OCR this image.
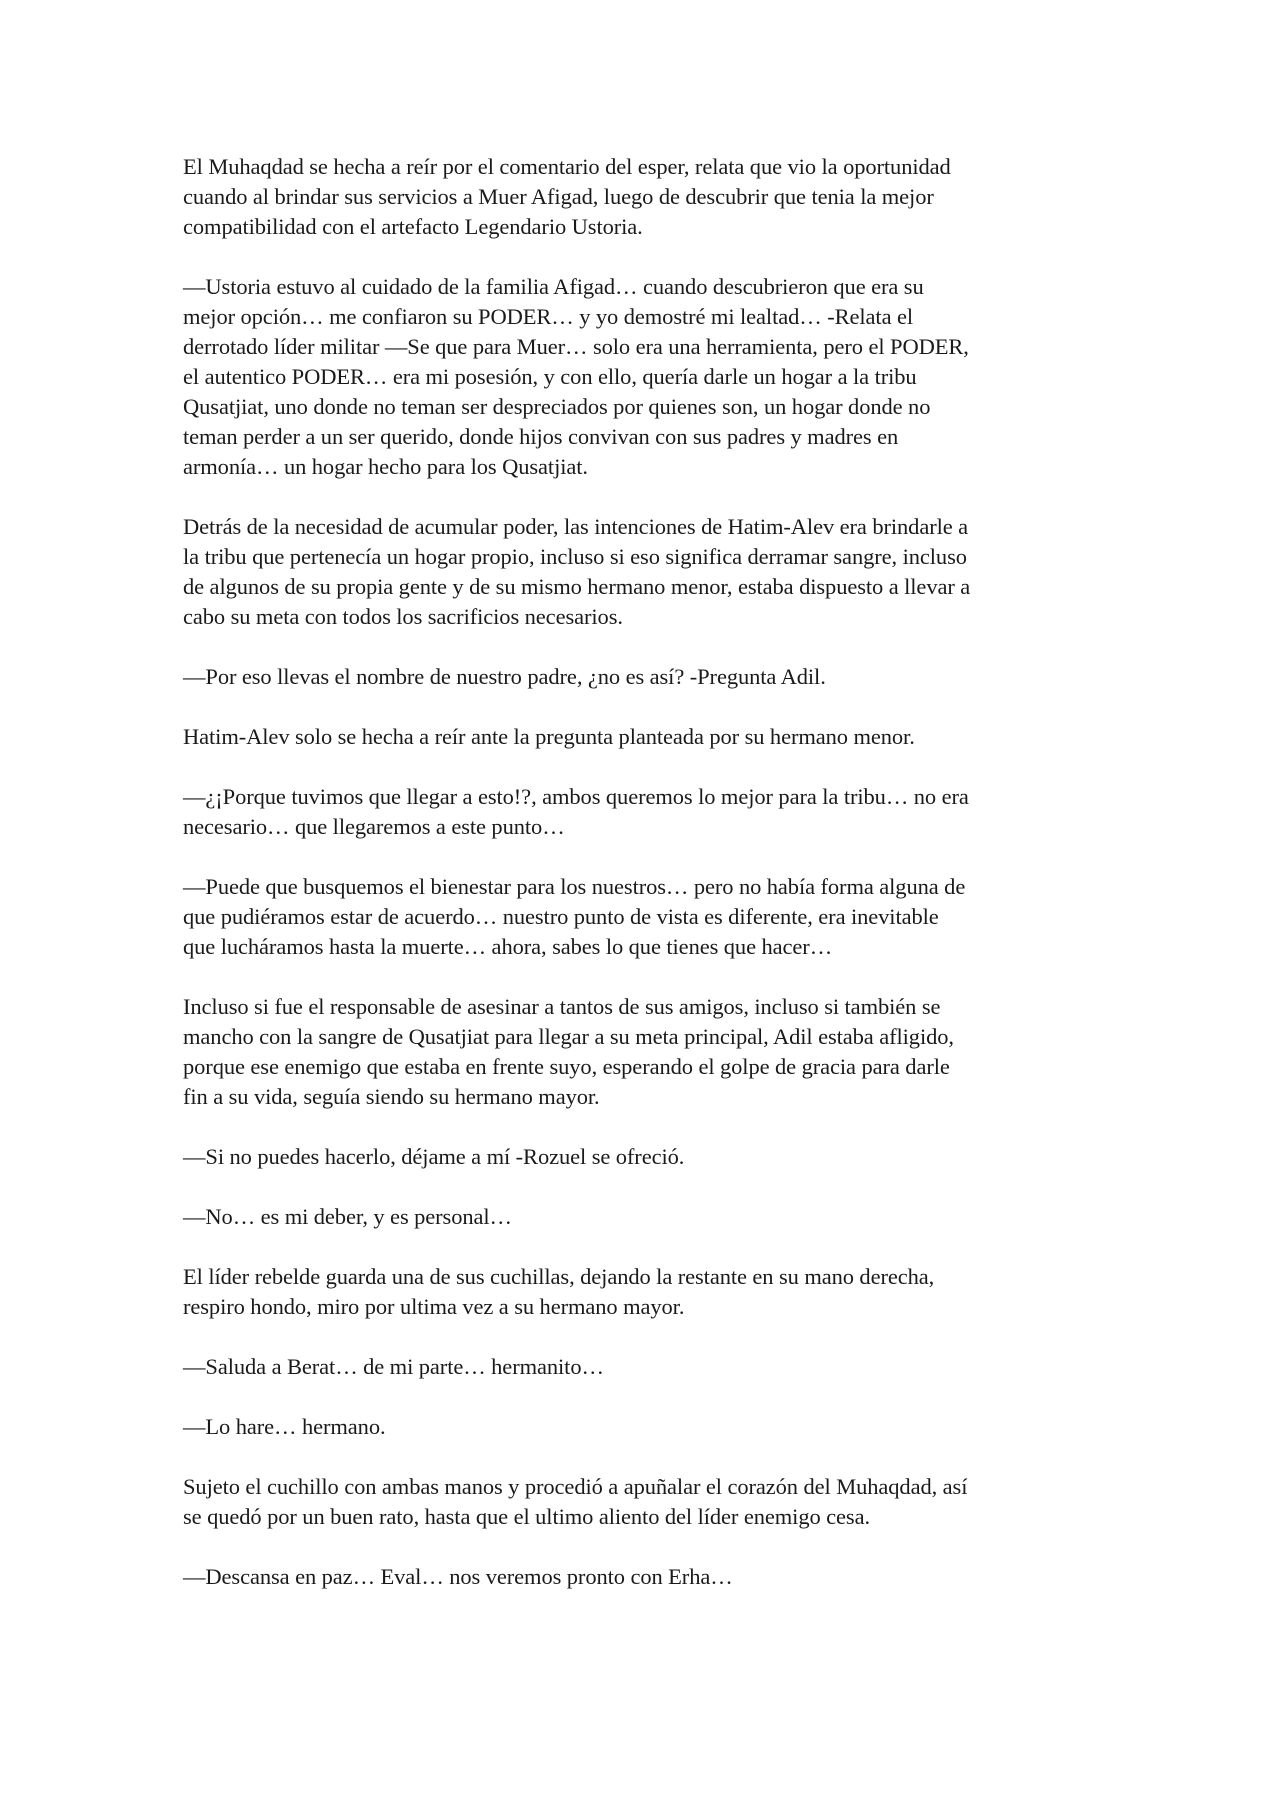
El Muhaqdad se hecha a reír por el comentario del esper, relata que vio la oportunidad
cuando al brindar sus servicios a Muer Afigad, luego de descubrir que tenia la mejor
compatibilidad con el artefacto Legendario Ustoria.

—Ustoria estuvo al cuidado de la familia Afigad… cuando descubrieron que era su
mejor opción… me confiaron su PODER… y yo demostré mi lealtad… -Relata el
derrotado líder militar —Se que para Muer… solo era una herramienta, pero el PODER,
el autentico PODER… era mi posesión, y con ello, quería darle un hogar a la tribu
Qusatjiat, uno donde no teman ser despreciados por quienes son, un hogar donde no
teman perder a un ser querido, donde hijos convivan con sus padres y madres en
armonía… un hogar hecho para los Qusatjiat.

Detrás de la necesidad de acumular poder, las intenciones de Hatim-Alev era brindarle a
la tribu que pertenecía un hogar propio, incluso si eso significa derramar sangre, incluso
de algunos de su propia gente y de su mismo hermano menor, estaba dispuesto a llevar a
cabo su meta con todos los sacrificios necesarios.

—Por eso llevas el nombre de nuestro padre, ¿no es así? -Pregunta Adil.

Hatim-Alev solo se hecha a reír ante la pregunta planteada por su hermano menor.

—¿¡Porque tuvimos que llegar a esto!?, ambos queremos lo mejor para la tribu… no era
necesario… que llegaremos a este punto…

—Puede que busquemos el bienestar para los nuestros… pero no había forma alguna de
que pudiéramos estar de acuerdo… nuestro punto de vista es diferente, era inevitable
que lucháramos hasta la muerte… ahora, sabes lo que tienes que hacer…

Incluso si fue el responsable de asesinar a tantos de sus amigos, incluso si también se
mancho con la sangre de Qusatjiat para llegar a su meta principal, Adil estaba afligido,
porque ese enemigo que estaba en frente suyo, esperando el golpe de gracia para darle
fin a su vida, seguía siendo su hermano mayor.

—Si no puedes hacerlo, déjame a mí -Rozuel se ofreció.

—No… es mi deber, y es personal…

El líder rebelde guarda una de sus cuchillas, dejando la restante en su mano derecha,
respiro hondo, miro por ultima vez a su hermano mayor.

—Saluda a Berat… de mi parte… hermanito…

—Lo hare… hermano.

Sujeto el cuchillo con ambas manos y procedió a apuñalar el corazón del Muhaqdad, así
se quedó por un buen rato, hasta que el ultimo aliento del líder enemigo cesa.

—Descansa en paz… Eval… nos veremos pronto con Erha…
